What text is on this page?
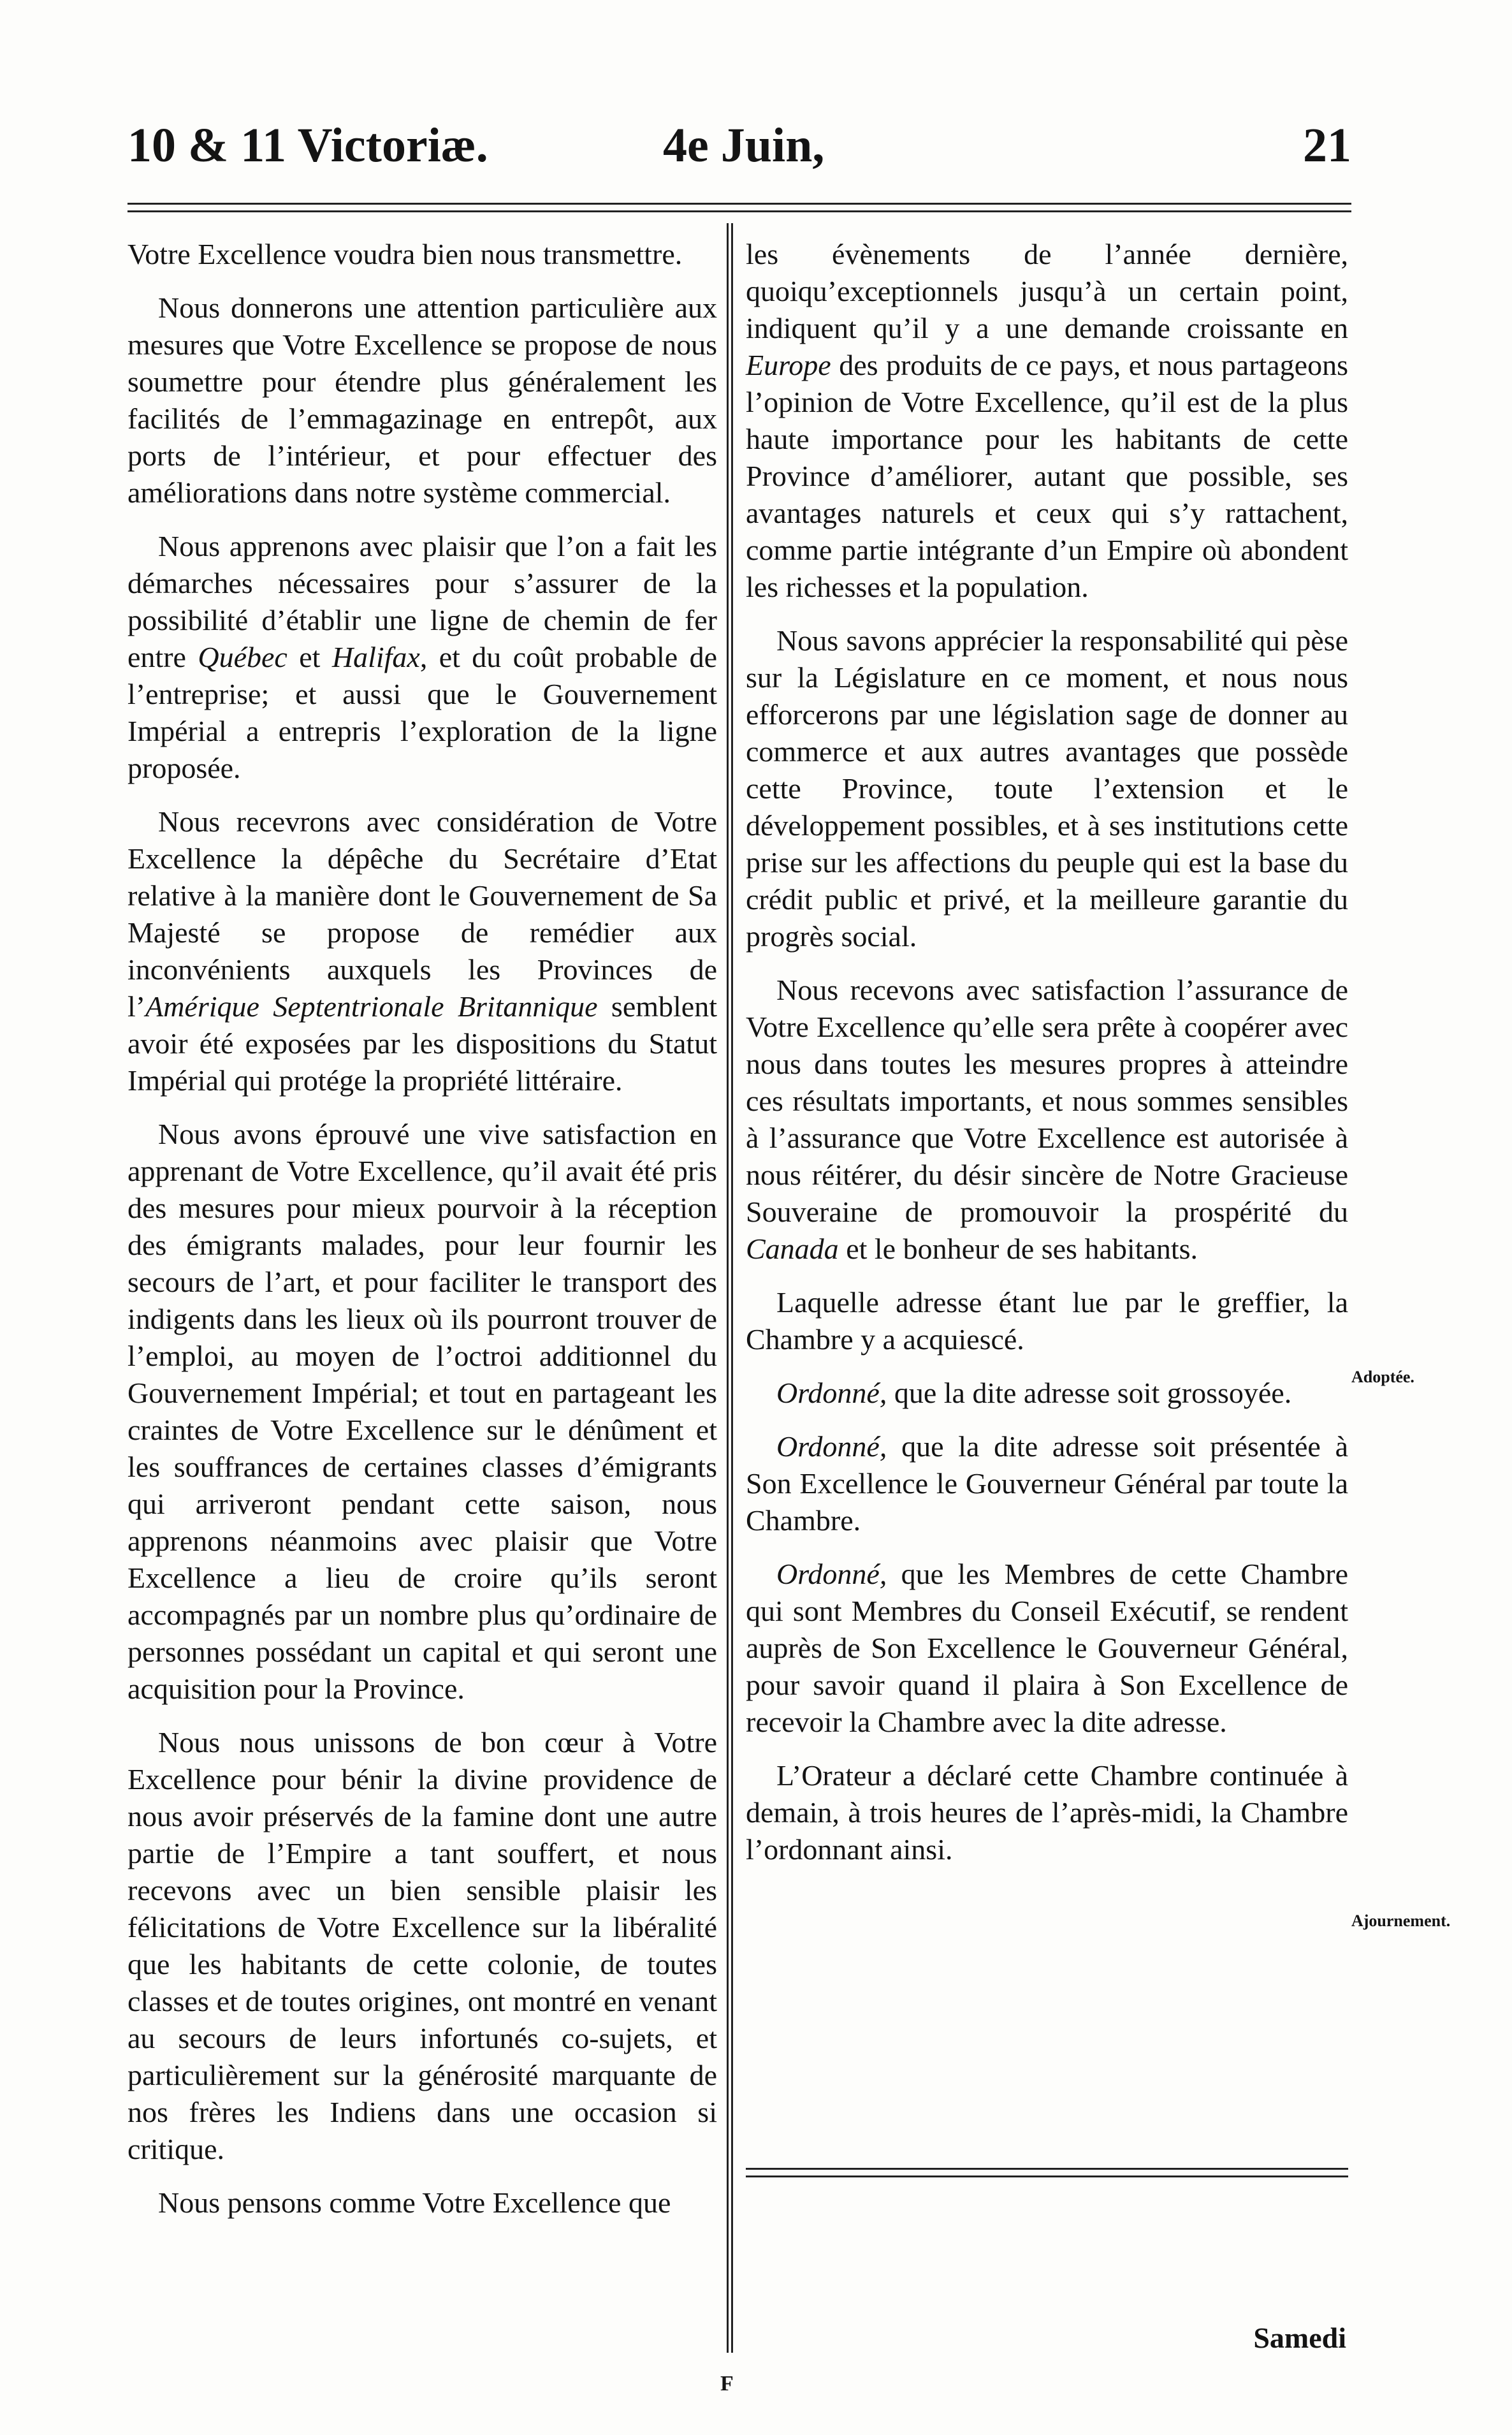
10 & 11 Victoriæ.	4e Juin,	21

Votre Excellence voudra bien nous transmettre.

Nous donnerons une attention particulière aux mesures que Votre Excellence se propose de nous soumettre pour étendre plus généralement les facilités de l’emmagazinage en entrepôt, aux ports de l’intérieur, et pour effectuer des améliorations dans notre système commercial.

Nous apprenons avec plaisir que l’on a fait les démarches nécessaires pour s’assurer de la possibilité d’établir une ligne de chemin de fer entre Québec et Halifax, et du coût probable de l’entreprise; et aussi que le Gouvernement Impérial a entrepris l’exploration de la ligne proposée.

Nous recevrons avec considération de Votre Excellence la dépêche du Secrétaire d’Etat relative à la manière dont le Gouvernement de Sa Majesté se propose de remédier aux inconvénients auxquels les Provinces de l’Amérique Septentrionale Britannique semblent avoir été exposées par les dispositions du Statut Impérial qui protége la propriété littéraire.

Nous avons éprouvé une vive satisfaction en apprenant de Votre Excellence, qu’il avait été pris des mesures pour mieux pourvoir à la réception des émigrants malades, pour leur fournir les secours de l’art, et pour faciliter le transport des indigents dans les lieux où ils pourront trouver de l’emploi, au moyen de l’octroi additionnel du Gouvernement Impérial; et tout en partageant les craintes de Votre Excellence sur le dénûment et les souffrances de certaines classes d’émigrants qui arriveront pendant cette saison, nous apprenons néanmoins avec plaisir que Votre Excellence a lieu de croire qu’ils seront accompagnés par un nombre plus qu’ordinaire de personnes possédant un capital et qui seront une acquisition pour la Province.

Nous nous unissons de bon cœur à Votre Excellence pour bénir la divine providence de nous avoir préservés de la famine dont une autre partie de l’Empire a tant souffert, et nous recevons avec un bien sensible plaisir les félicitations de Votre Excellence sur la libéralité que les habitants de cette colonie, de toutes classes et de toutes origines, ont montré en venant au secours de leurs infortunés co-sujets, et particulièrement sur la générosité marquante de nos frères les Indiens dans une occasion si critique.

Nous pensons comme Votre Excellence que

les évènements de l’année dernière, quoiqu’exceptionnels jusqu’à un certain point, indiquent qu’il y a une demande croissante en Europe des produits de ce pays, et nous partageons l’opinion de Votre Excellence, qu’il est de la plus haute importance pour les habitants de cette Province d’améliorer, autant que possible, ses avantages naturels et ceux qui s’y rattachent, comme partie intégrante d’un Empire où abondent les richesses et la population.

Nous savons apprécier la responsabilité qui pèse sur la Législature en ce moment, et nous nous efforcerons par une législation sage de donner au commerce et aux autres avantages que possède cette Province, toute l’extension et le développement possibles, et à ses institutions cette prise sur les affections du peuple qui est la base du crédit public et privé, et la meilleure garantie du progrès social.

Nous recevons avec satisfaction l’assurance de Votre Excellence qu’elle sera prête à coopérer avec nous dans toutes les mesures propres à atteindre ces résultats importants, et nous sommes sensibles à l’assurance que Votre Excellence est autorisée à nous réitérer, du désir sincère de Notre Gracieuse Souveraine de promouvoir la prospérité du Canada et le bonheur de ses habitants.

Laquelle adresse étant lue par le greffier, la Chambre y a acquiescé.

Ordonné, que la dite adresse soit grossoyée.

Ordonné, que la dite adresse soit présentée à Son Excellence le Gouverneur Général par toute la Chambre.

Ordonné, que les Membres de cette Chambre qui sont Membres du Conseil Exécutif, se rendent auprès de Son Excellence le Gouverneur Général, pour savoir quand il plaira à Son Excellence de recevoir la Chambre avec la dite adresse.

L’Orateur a déclaré cette Chambre continuée à demain, à trois heures de l’après-midi, la Chambre l’ordonnant ainsi.

Adoptée.
Ajournement.
F
Samedi
